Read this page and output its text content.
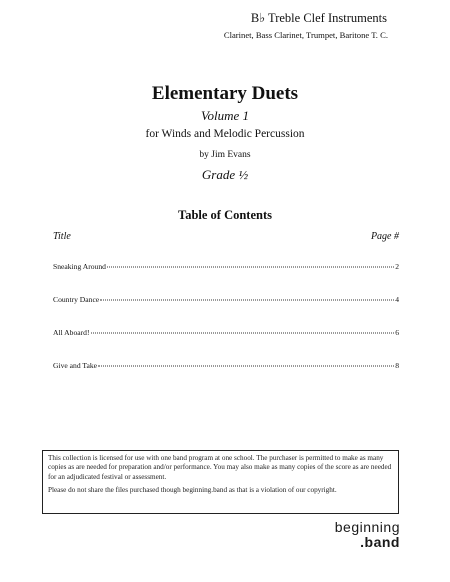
B♭ Treble Clef Instruments
Clarinet, Bass Clarinet, Trumpet, Baritone T. C.
Elementary Duets
Volume 1
for Winds and Melodic Percussion
by Jim Evans
Grade ½
Table of Contents
Title	Page #
Sneaking Around	2
Country Dance	4
All Aboard!	6
Give and Take	8

This collection is licensed for use with one band program at one school. The purchaser is permitted to make as many copies as are needed for preparation and/or performance. You may also make as many copies of the score as are needed for an adjudicated festival or assessment.

Please do not share the files purchased though beginning.band as that is a violation of our copyright.

beginning
.band
